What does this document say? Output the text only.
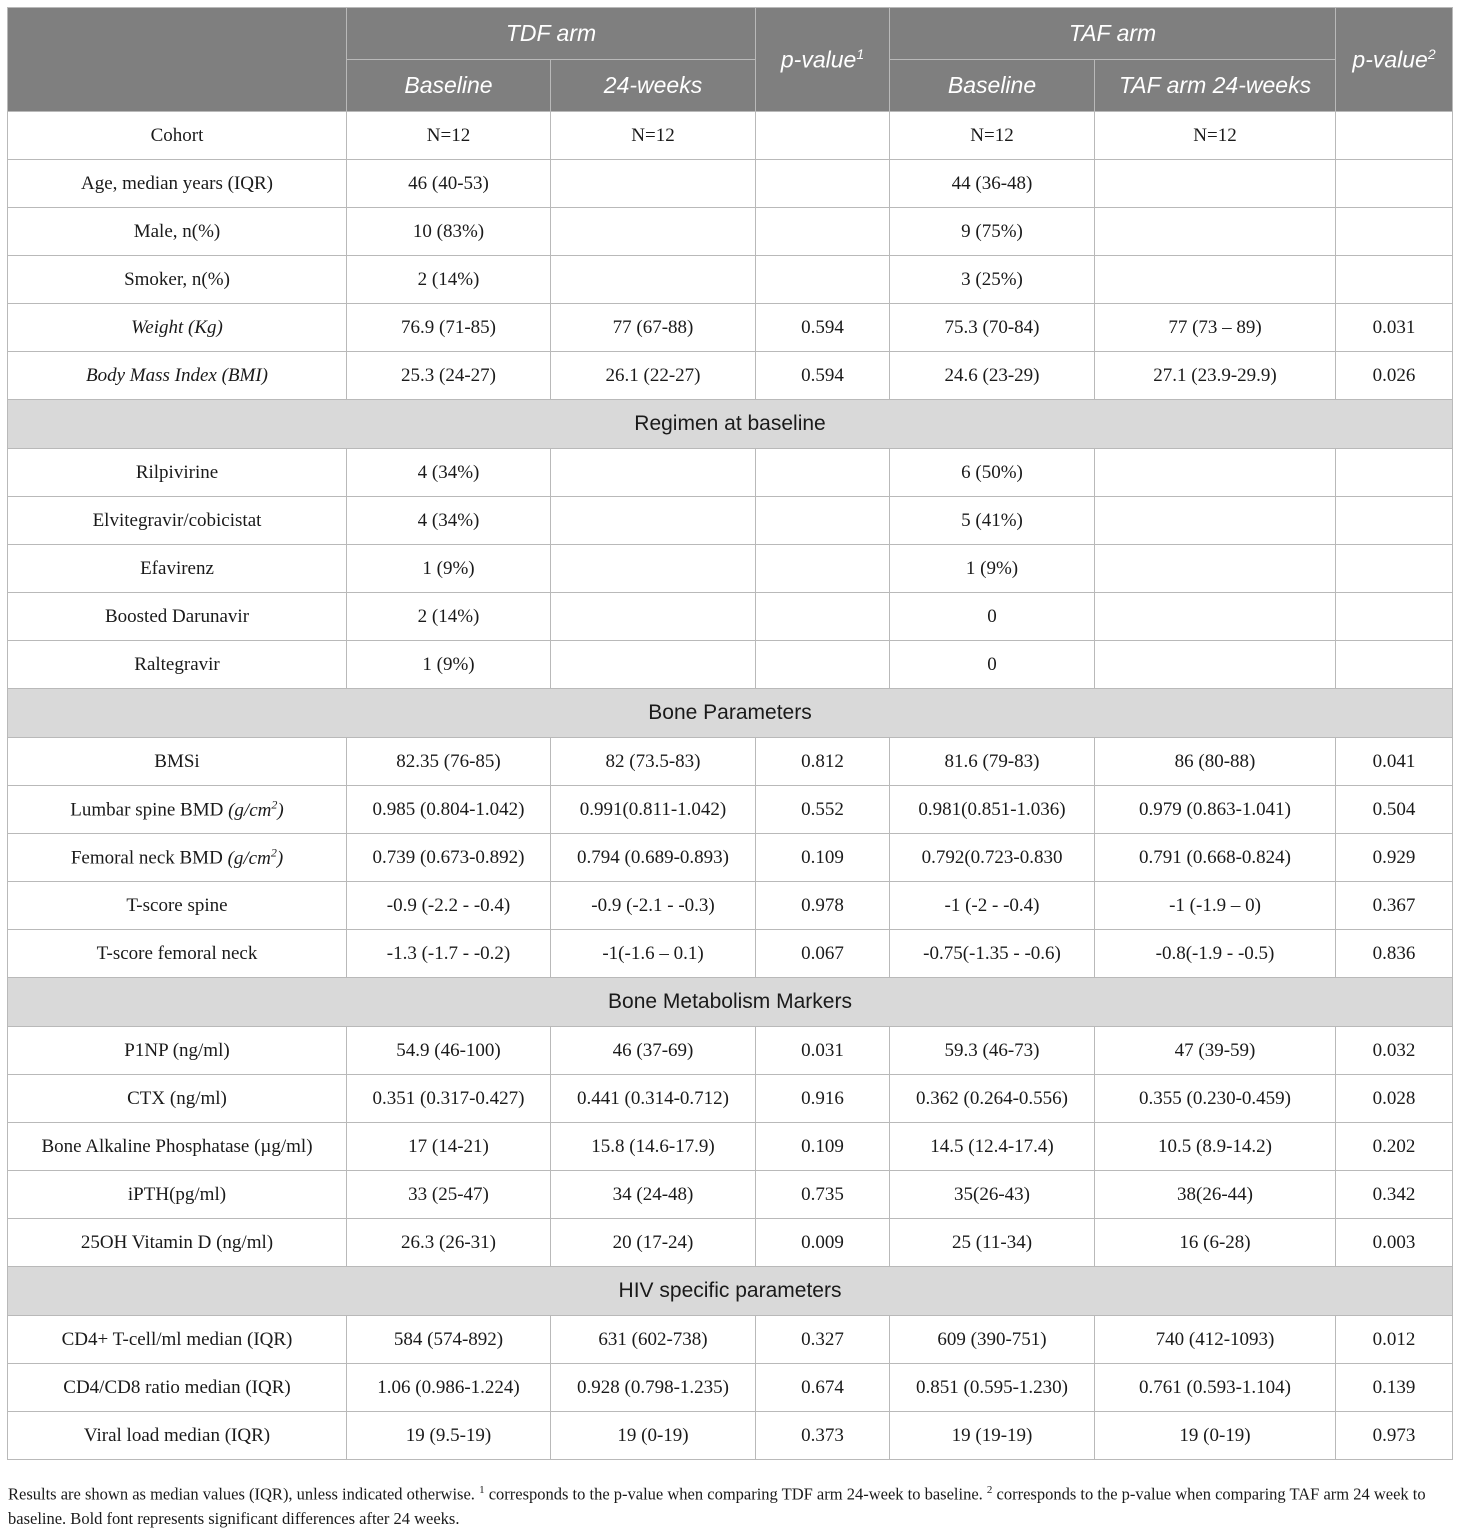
	TDF arm		p-value$^1$	TAF arm		p-value$^2$
	Baseline	24-weeks		Baseline	TAF arm 24-weeks	
Cohort	N=12	N=12		N=12	N=12	
Age, median years (IQR)	46 (40-53)			44 (36-48)		
Male, n(%)	10 (83%)			9 (75%)		
Smoker, n(%)	2 (14%)			3 (25%)		
Weight (Kg)	76.9 (71-85)	77 (67-88)	0.594	75.3 (70-84)	77 (73 – 89)	0.031
Body Mass Index (BMI)	25.3 (24-27)	26.1 (22-27)	0.594	24.6 (23-29)	27.1 (23.9-29.9)	0.026
Regimen at baseline						
Rilpivirine	4 (34%)			6 (50%)		
Elvitegravir/cobicistat	4 (34%)			5 (41%)		
Efavirenz	1 (9%)			1 (9%)		
Boosted Darunavir	2 (14%)			0		
Raltegravir	1 (9%)			0		
Bone Parameters						
BMSi	82.35 (76-85)	82 (73.5-83)	0.812	81.6 (79-83)	86 (80-88)	0.041
Lumbar spine BMD $(g/cm^2)$	0.985 (0.804-1.042)	0.991(0.811-1.042)	0.552	0.981(0.851-1.036)	0.979 (0.863-1.041)	0.504
Femoral neck BMD $(g/cm^2)$	0.739 (0.673-0.892)	0.794 (0.689-0.893)	0.109	0.792(0.723-0.830	0.791 (0.668-0.824)	0.929
T-score spine	-0.9 (-2.2 - -0.4)	-0.9 (-2.1 - -0.3)	0.978	-1 (-2 - -0.4)	-1 (-1.9 – 0)	0.367
T-score femoral neck	-1.3 (-1.7 - -0.2)	-1(-1.6 – 0.1)	0.067	-0.75(-1.35 - -0.6)	-0.8(-1.9 - -0.5)	0.836
Bone Metabolism Markers						
P1NP (ng/ml)	54.9 (46-100)	46 (37-69)	0.031	59.3 (46-73)	47 (39-59)	0.032
CTX (ng/ml)	0.351 (0.317-0.427)	0.441 (0.314-0.712)	0.916	0.362 (0.264-0.556)	0.355 (0.230-0.459)	0.028
Bone Alkaline Phosphatase (µg/ml)	17 (14-21)	15.8 (14.6-17.9)	0.109	14.5 (12.4-17.4)	10.5 (8.9-14.2)	0.202
iPTH(pg/ml)	33 (25-47)	34 (24-48)	0.735	35(26-43)	38(26-44)	0.342
25OH Vitamin D (ng/ml)	26.3 (26-31)	20 (17-24)	0.009	25 (11-34)	16 (6-28)	0.003
HIV specific parameters						
CD4+ T-cell/ml median (IQR)	584 (574-892)	631 (602-738)	0.327	609 (390-751)	740 (412-1093)	0.012
CD4/CD8 ratio median (IQR)	1.06 (0.986-1.224)	0.928 (0.798-1.235)	0.674	0.851 (0.595-1.230)	0.761 (0.593-1.104)	0.139
Viral load median (IQR)	19 (9.5-19)	19 (0-19)	0.373	19 (19-19)	19 (0-19)	0.973
Results are shown as median values (IQR), unless indicated otherwise. $^1$ corresponds to the p-value when comparing TDF arm 24-week to baseline. $^2$ corresponds to the p-value when comparing TAF arm 24 week to baseline. Bold font represents significant differences after 24 weeks.
